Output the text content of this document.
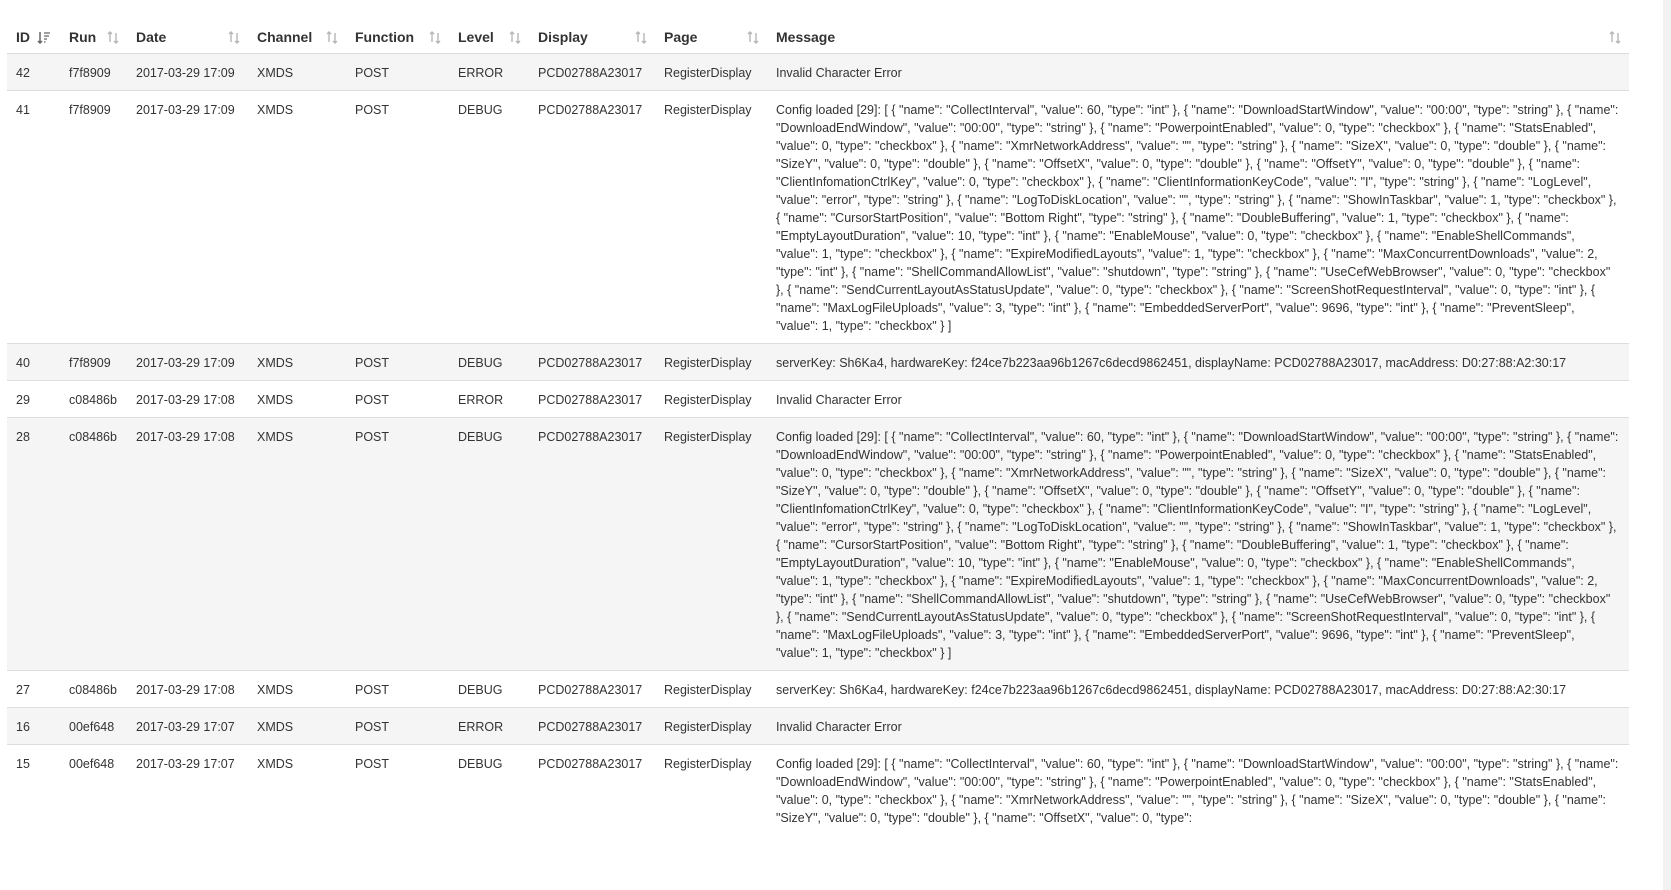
ID	Run	Date	Channel	Function	Level	Display	Page	Message

42	f7f8909	2017-03-29 17:09	XMDS	POST	ERROR	PCD02788A23017	RegisterDisplay	Invalid Character Error
41	f7f8909	2017-03-29 17:09	XMDS	POST	DEBUG	PCD02788A23017	RegisterDisplay	Config loaded [29]: [ { "name": "CollectInterval", "value": 60, "type": "int" }, { "name": "DownloadStartWindow", "value": "00:00", "type": "string" }, { "name": "DownloadEndWindow", "value": "00:00", "type": "string" }, { "name": "PowerpointEnabled", "value": 0, "type": "checkbox" }, { "name": "StatsEnabled", "value": 0, "type": "checkbox" }, { "name": "XmrNetworkAddress", "value": "", "type": "string" }, { "name": "SizeX", "value": 0, "type": "double" }, { "name": "SizeY", "value": 0, "type": "double" }, { "name": "OffsetX", "value": 0, "type": "double" }, { "name": "OffsetY", "value": 0, "type": "double" }, { "name": "ClientInfomationCtrlKey", "value": 0, "type": "checkbox" }, { "name": "ClientInformationKeyCode", "value": "I", "type": "string" }, { "name": "LogLevel", "value": "error", "type": "string" }, { "name": "LogToDiskLocation", "value": "", "type": "string" }, { "name": "ShowInTaskbar", "value": 1, "type": "checkbox" }, { "name": "CursorStartPosition", "value": "Bottom Right", "type": "string" }, { "name": "DoubleBuffering", "value": 1, "type": "checkbox" }, { "name": "EmptyLayoutDuration", "value": 10, "type": "int" }, { "name": "EnableMouse", "value": 0, "type": "checkbox" }, { "name": "EnableShellCommands", "value": 1, "type": "checkbox" }, { "name": "ExpireModifiedLayouts", "value": 1, "type": "checkbox" }, { "name": "MaxConcurrentDownloads", "value": 2, "type": "int" }, { "name": "ShellCommandAllowList", "value": "shutdown", "type": "string" }, { "name": "UseCefWebBrowser", "value": 0, "type": "checkbox" }, { "name": "SendCurrentLayoutAsStatusUpdate", "value": 0, "type": "checkbox" }, { "name": "ScreenShotRequestInterval", "value": 0, "type": "int" }, { "name": "MaxLogFileUploads", "value": 3, "type": "int" }, { "name": "EmbeddedServerPort", "value": 9696, "type": "int" }, { "name": "PreventSleep", "value": 1, "type": "checkbox" } ]
40	f7f8909	2017-03-29 17:09	XMDS	POST	DEBUG	PCD02788A23017	RegisterDisplay	serverKey: Sh6Ka4, hardwareKey: f24ce7b223aa96b1267c6decd9862451, displayName: PCD02788A23017, macAddress: D0:27:88:A2:30:17
29	c08486b	2017-03-29 17:08	XMDS	POST	ERROR	PCD02788A23017	RegisterDisplay	Invalid Character Error
28	c08486b	2017-03-29 17:08	XMDS	POST	DEBUG	PCD02788A23017	RegisterDisplay	Config loaded [29]: [ { "name": "CollectInterval", "value": 60, "type": "int" }, { "name": "DownloadStartWindow", "value": "00:00", "type": "string" }, { "name": "DownloadEndWindow", "value": "00:00", "type": "string" }, { "name": "PowerpointEnabled", "value": 0, "type": "checkbox" }, { "name": "StatsEnabled", "value": 0, "type": "checkbox" }, { "name": "XmrNetworkAddress", "value": "", "type": "string" }, { "name": "SizeX", "value": 0, "type": "double" }, { "name": "SizeY", "value": 0, "type": "double" }, { "name": "OffsetX", "value": 0, "type": "double" }, { "name": "OffsetY", "value": 0, "type": "double" }, { "name": "ClientInfomationCtrlKey", "value": 0, "type": "checkbox" }, { "name": "ClientInformationKeyCode", "value": "I", "type": "string" }, { "name": "LogLevel", "value": "error", "type": "string" }, { "name": "LogToDiskLocation", "value": "", "type": "string" }, { "name": "ShowInTaskbar", "value": 1, "type": "checkbox" }, { "name": "CursorStartPosition", "value": "Bottom Right", "type": "string" }, { "name": "DoubleBuffering", "value": 1, "type": "checkbox" }, { "name": "EmptyLayoutDuration", "value": 10, "type": "int" }, { "name": "EnableMouse", "value": 0, "type": "checkbox" }, { "name": "EnableShellCommands", "value": 1, "type": "checkbox" }, { "name": "ExpireModifiedLayouts", "value": 1, "type": "checkbox" }, { "name": "MaxConcurrentDownloads", "value": 2, "type": "int" }, { "name": "ShellCommandAllowList", "value": "shutdown", "type": "string" }, { "name": "UseCefWebBrowser", "value": 0, "type": "checkbox" }, { "name": "SendCurrentLayoutAsStatusUpdate", "value": 0, "type": "checkbox" }, { "name": "ScreenShotRequestInterval", "value": 0, "type": "int" }, { "name": "MaxLogFileUploads", "value": 3, "type": "int" }, { "name": "EmbeddedServerPort", "value": 9696, "type": "int" }, { "name": "PreventSleep", "value": 1, "type": "checkbox" } ]
27	c08486b	2017-03-29 17:08	XMDS	POST	DEBUG	PCD02788A23017	RegisterDisplay	serverKey: Sh6Ka4, hardwareKey: f24ce7b223aa96b1267c6decd9862451, displayName: PCD02788A23017, macAddress: D0:27:88:A2:30:17
16	00ef648	2017-03-29 17:07	XMDS	POST	ERROR	PCD02788A23017	RegisterDisplay	Invalid Character Error
15	00ef648	2017-03-29 17:07	XMDS	POST	DEBUG	PCD02788A23017	RegisterDisplay	Config loaded [29]: [ { "name": "CollectInterval", "value": 60, "type": "int" }, { "name": "DownloadStartWindow", "value": "00:00", "type": "string" }, { "name": "DownloadEndWindow", "value": "00:00", "type": "string" }, { "name": "PowerpointEnabled", "value": 0, "type": "checkbox" }, { "name": "StatsEnabled", "value": 0, "type": "checkbox" }, { "name": "XmrNetworkAddress", "value": "", "type": "string" }, { "name": "SizeX", "value": 0, "type": "double" }, { "name": "SizeY", "value": 0, "type": "double" }, { "name": "OffsetX", "value": 0, "type":
